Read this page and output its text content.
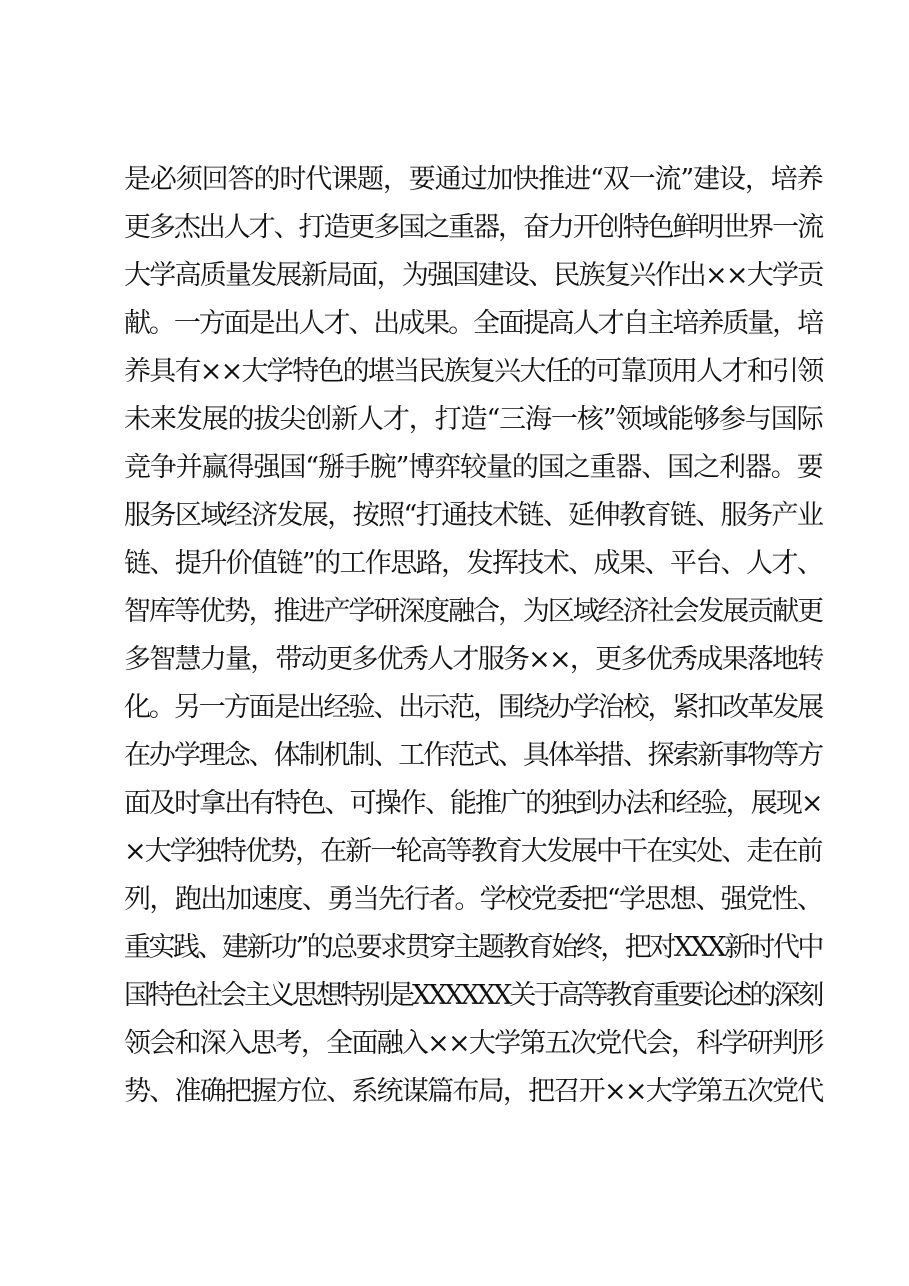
是必须回答的时代课题，要通过加快推进“双一流”建设，培养
更多杰出人才、打造更多国之重器，奋力开创特色鲜明世界一流
大学高质量发展新局面，为强国建设、民族复兴作出××大学贡
献。一方面是出人才、出成果。全面提高人才自主培养质量，培
养具有××大学特色的堪当民族复兴大任的可靠顶用人才和引领
未来发展的拔尖创新人才，打造“三海一核”领域能够参与国际
竞争并赢得强国“掰手腕”博弈较量的国之重器、国之利器。要
服务区域经济发展，按照“打通技术链、延伸教育链、服务产业
链、提升价值链”的工作思路，发挥技术、成果、平台、人才、
智库等优势，推进产学研深度融合，为区域经济社会发展贡献更
多智慧力量，带动更多优秀人才服务××，更多优秀成果落地转
化。另一方面是出经验、出示范，围绕办学治校，紧扣改革发展
在办学理念、体制机制、工作范式、具体举措、探索新事物等方
面及时拿出有特色、可操作、能推广的独到办法和经验，展现×
×大学独特优势，在新一轮高等教育大发展中干在实处、走在前
列，跑出加速度、勇当先行者。学校党委把“学思想、强党性、
重实践、建新功”的总要求贯穿主题教育始终，把对XXX新时代中
国特色社会主义思想特别是XXXXXX关于高等教育重要论述的深刻
领会和深入思考，全面融入××大学第五次党代会，科学研判形
势、准确把握方位、系统谋篇布局，把召开××大学第五次党代
